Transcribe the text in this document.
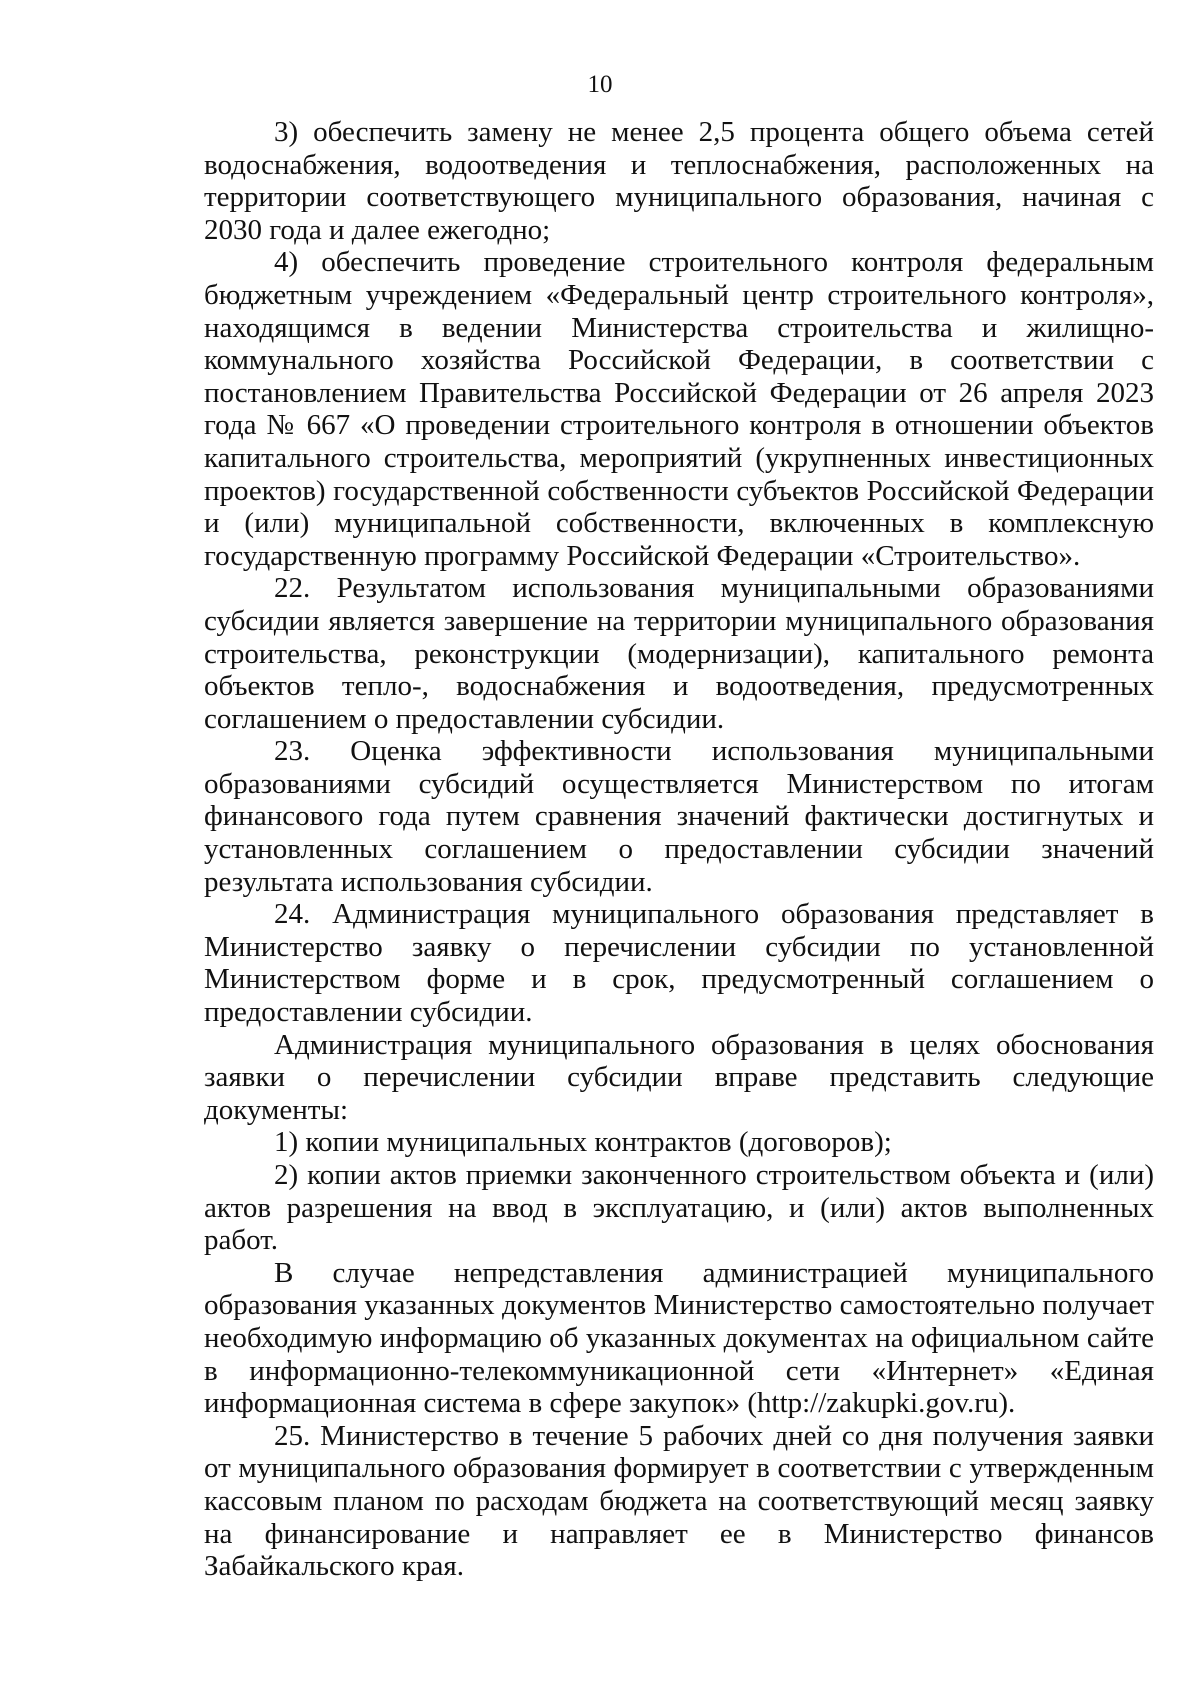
10

3) обеспечить замену не менее 2,5 процента общего объема сетей водоснабжения, водоотведения и теплоснабжения, расположенных на территории соответствующего муниципального образования, начиная с 2030 года и далее ежегодно;

4) обеспечить проведение строительного контроля федеральным бюджетным учреждением «Федеральный центр строительного контроля», находящимся в ведении Министерства строительства и жилищно-коммунального хозяйства Российской Федерации, в соответствии с постановлением Правительства Российской Федерации от 26 апреля 2023 года № 667 «О проведении строительного контроля в отношении объектов капитального строительства, мероприятий (укрупненных инвестиционных проектов) государственной собственности субъектов Российской Федерации и (или) муниципальной собственности, включенных в комплексную государственную программу Российской Федерации «Строительство».

22. Результатом использования муниципальными образованиями субсидии является завершение на территории муниципального образования строительства, реконструкции (модернизации), капитального ремонта объектов тепло-, водоснабжения и водоотведения, предусмотренных соглашением о предоставлении субсидии.

23. Оценка эффективности использования муниципальными образованиями субсидий осуществляется Министерством по итогам финансового года путем сравнения значений фактически достигнутых и установленных соглашением о предоставлении субсидии значений результата использования субсидии.

24. Администрация муниципального образования представляет в Министерство заявку о перечислении субсидии по установленной Министерством форме и в срок, предусмотренный соглашением о предоставлении субсидии.

Администрация муниципального образования в целях обоснования заявки о перечислении субсидии вправе представить следующие документы:

1) копии муниципальных контрактов (договоров);

2) копии актов приемки законченного строительством объекта и (или) актов разрешения на ввод в эксплуатацию, и (или) актов выполненных работ.

В случае непредставления администрацией муниципального образования указанных документов Министерство самостоятельно получает необходимую информацию об указанных документах на официальном сайте в информационно-телекоммуникационной сети «Интернет» «Единая информационная система в сфере закупок» (http://zakupki.gov.ru).

25. Министерство в течение 5 рабочих дней со дня получения заявки от муниципального образования формирует в соответствии с утвержденным кассовым планом по расходам бюджета на соответствующий месяц заявку на финансирование и направляет ее в Министерство финансов Забайкальского края.
